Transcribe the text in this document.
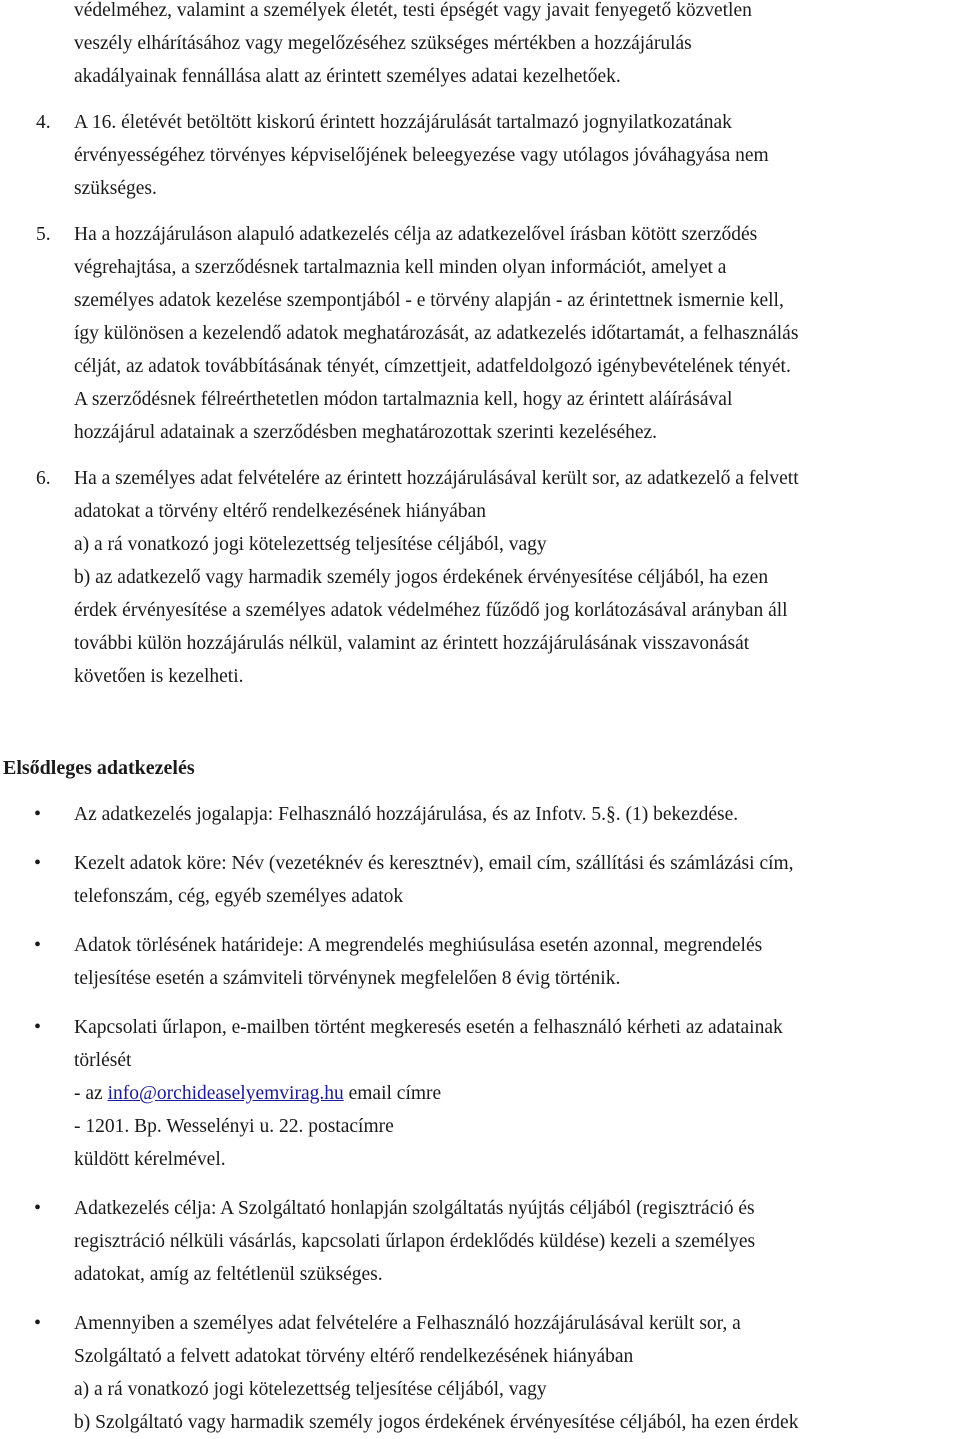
védelméhez, valamint a személyek életét, testi épségét vagy javait fenyegető közvetlen
veszély elhárításához vagy megelőzéséhez szükséges mértékben a hozzájárulás
akadályainak fennállása alatt az érintett személyes adatai kezelhetőek.

4. A 16. életévét betöltött kiskorú érintett hozzájárulását tartalmazó jognyilatkozatának
érvényességéhez törvényes képviselőjének beleegyezése vagy utólagos jóváhagyása nem
szükséges.

5. Ha a hozzájáruláson alapuló adatkezelés célja az adatkezelővel írásban kötött szerződés
végrehajtása, a szerződésnek tartalmaznia kell minden olyan információt, amelyet a
személyes adatok kezelése szempontjából - e törvény alapján - az érintettnek ismernie kell,
így különösen a kezelendő adatok meghatározását, az adatkezelés időtartamát, a felhasználás
célját, az adatok továbbításának tényét, címzettjeit, adatfeldolgozó igénybevételének tényét.
A szerződésnek félreérthetetlen módon tartalmaznia kell, hogy az érintett aláírásával
hozzájárul adatainak a szerződésben meghatározottak szerinti kezeléséhez.

6. Ha a személyes adat felvételére az érintett hozzájárulásával került sor, az adatkezelő a felvett
adatokat a törvény eltérő rendelkezésének hiányában
a) a rá vonatkozó jogi kötelezettség teljesítése céljából, vagy
b) az adatkezelő vagy harmadik személy jogos érdekének érvényesítése céljából, ha ezen
érdek érvényesítése a személyes adatok védelméhez fűződő jog korlátozásával arányban áll
további külön hozzájárulás nélkül, valamint az érintett hozzájárulásának visszavonását
követően is kezelheti.

Elsődleges adatkezelés
• Az adatkezelés jogalapja: Felhasználó hozzájárulása, és az Infotv. 5.§. (1) bekezdése.

• Kezelt adatok köre: Név (vezetéknév és keresztnév), email cím, szállítási és számlázási cím,
telefonszám, cég, egyéb személyes adatok

• Adatok törlésének határideje: A megrendelés meghiúsulása esetén azonnal, megrendelés
teljesítése esetén a számviteli törvénynek megfelelően 8 évig történik.

• Kapcsolati űrlapon, e-mailben történt megkeresés esetén a felhasználó kérheti az adatainak
törlését
- az info@orchideaselyemvirag.hu email címre
- 1201. Bp. Wesselényi u. 22. postacímre
küldött kérelmével.

• Adatkezelés célja: A Szolgáltató honlapján szolgáltatás nyújtás céljából (regisztráció és
regisztráció nélküli vásárlás, kapcsolati űrlapon érdeklődés küldése) kezeli a személyes
adatokat, amíg az feltétlenül szükséges.

• Amennyiben a személyes adat felvételére a Felhasználó hozzájárulásával került sor, a
Szolgáltató a felvett adatokat törvény eltérő rendelkezésének hiányában
a) a rá vonatkozó jogi kötelezettség teljesítése céljából, vagy
b) Szolgáltató vagy harmadik személy jogos érdekének érvényesítése céljából, ha ezen érdek
